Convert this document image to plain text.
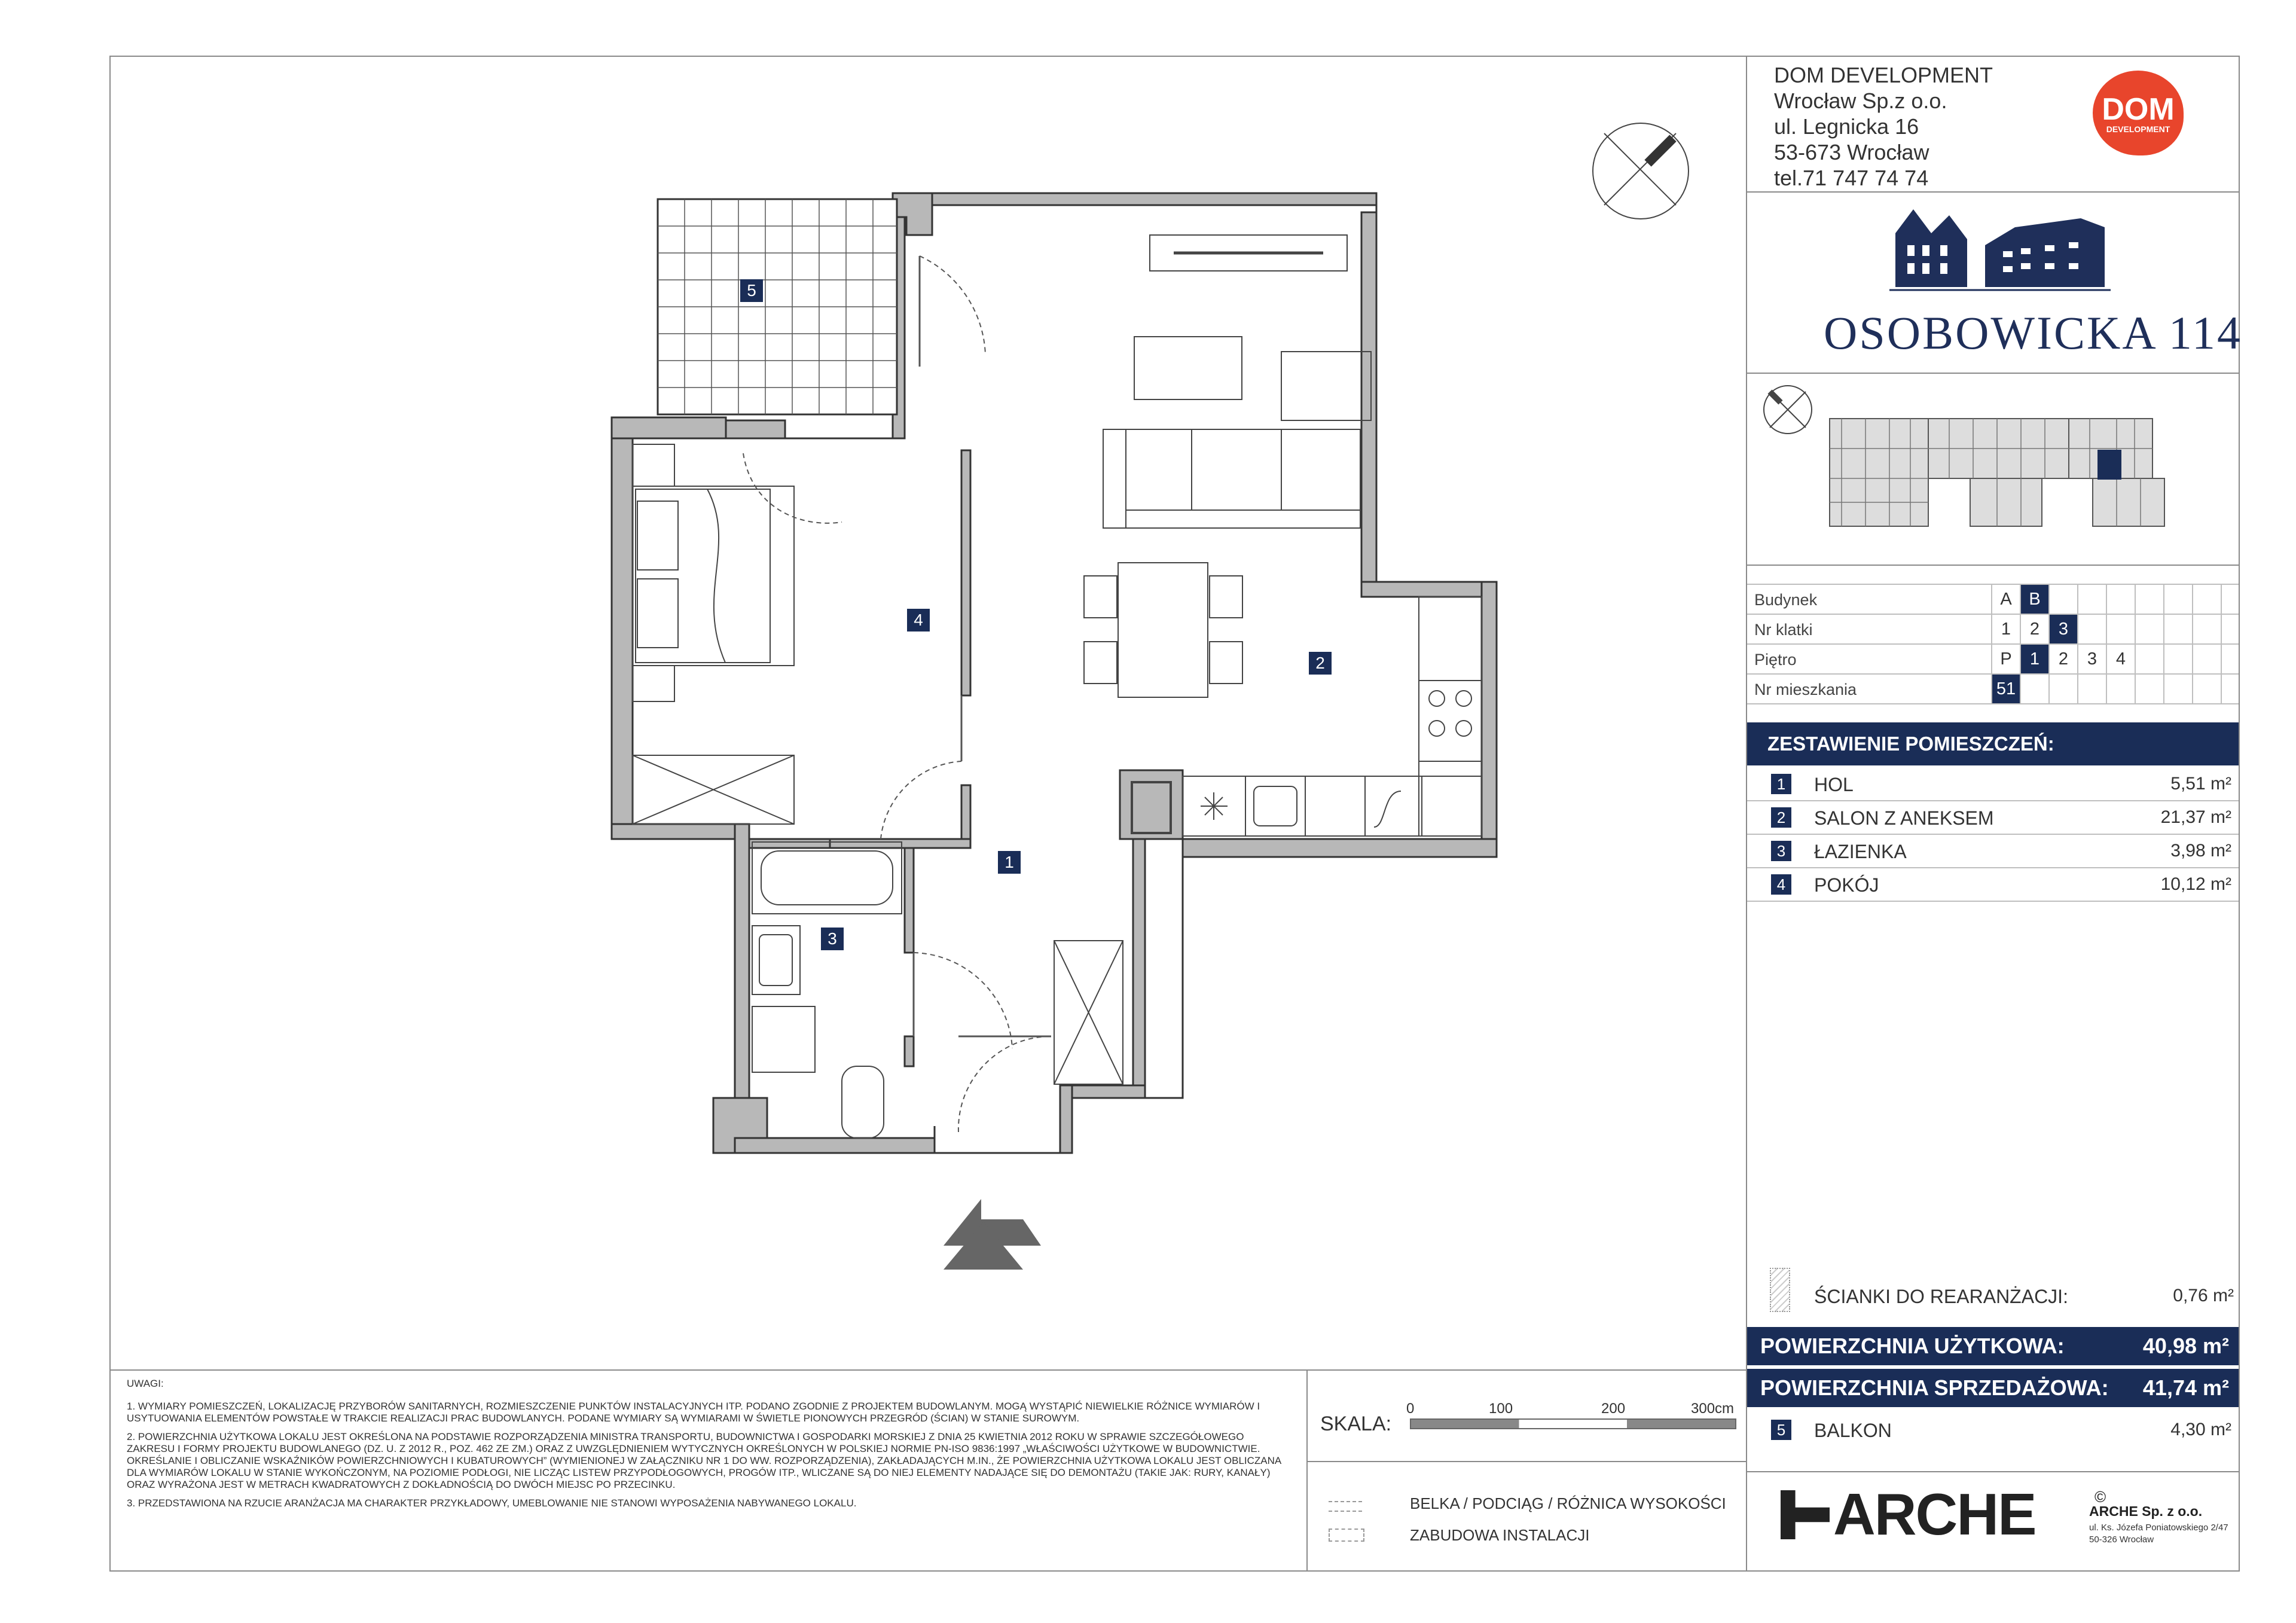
5
4
2
1
3
DOM DEVELOPMENT
Wrocław Sp.z o.o.
ul. Legnicka 16
53-673 Wrocław
tel.71 747 74 74
DOM
DEVELOPMENT
OSOBOWICKA 114
Budynek	A B
Nr klatki	1	2	3
Piętro	P	1	2	3	4
Nr mieszkania	51
ZESTAWIENIE POMIESZCZEŃ:
1	HOL	5,51 m²
2	SALON Z ANEKSEM	21,37 m²
3	ŁAZIENKA	3,98 m²
4	POKÓJ	10,12 m²
ŚCIANKI DO REARANŻACJI:	0,76 m²
POWIERZCHNIA UŻYTKOWA:	40,98 m²
POWIERZCHNIA SPRZEDAŻOWA: 41,74 m²
5	BALKON	4,30 m²

UWAGI:

1. WYMIARY POMIESZCZEŃ, LOKALIZACJĘ PRZYBORÓW SANITARNYCH, ROZMIESZCZENIE PUNKTÓW INSTALACYJNYCH ITP. PODANO ZGODNIE Z PROJEKTEM BUDOWLANYM. MOGĄ WYSTĄPIĆ NIEWIELKIE RÓŻNICE WYMIARÓW I USYTUOWANIA ELEMENTÓW POWSTAŁE W TRAKCIE REALIZACJI PRAC BUDOWLANYCH. PODANE WYMIARY SĄ WYMIARAMI W ŚWIETLE PIONOWYCH PRZEGRÓD (ŚCIAN) W STANIE SUROWYM.

2. POWIERZCHNIA UŻYTKOWA LOKALU JEST OKREŚLONA NA PODSTAWIE ROZPORZĄDZENIA MINISTRA TRANSPORTU, BUDOWNICTWA I GOSPODARKI MORSKIEJ Z DNIA 25 KWIETNIA 2012 ROKU W SPRAWIE SZCZEGÓŁOWEGO ZAKRESU I FORMY PROJEKTU BUDOWLANEGO (DZ. U. Z 2012 R., POZ. 462 ZE ZM.) ORAZ Z UWZGLĘDNIENIEM WYTYCZNYCH OKREŚLONYCH W POLSKIEJ NORMIE PN-ISO 9836:1997 „WŁAŚCIWOŚCI UŻYTKOWE W BUDOWNICTWIE. OKREŚLANIE I OBLICZANIE WSKAŹNIKÓW POWIERZCHNIOWYCH I KUBATUROWYCH” (WYMIENIONEJ W ZAŁĄCZNIKU NR 1 DO WW. ROZPORZĄDZENIA), ZAKŁADAJĄCYCH M.IN., ŻE POWIERZCHNIA UŻYTKOWA LOKALU JEST OBLICZANA DLA WYMIARÓW LOKALU W STANIE WYKOŃCZONYM, NA POZIOMIE PODŁOGI, NIE LICZĄC LISTEW PRZYPODŁOGOWYCH, PROGÓW ITP., WLICZANE SĄ DO NIEJ ELEMENTY NADAJĄCE SIĘ DO DEMONTAŻU (TAKIE JAK: RURY, KANAŁY) ORAZ WYRAŻONA JEST W METRACH KWADRATOWYCH Z DOKŁADNOŚCIĄ DO DWÓCH MIEJSC PO PRZECINKU.

3. PRZEDSTAWIONA NA RZUCIE ARANŻACJA MA CHARAKTER PRZYKŁADOWY, UMEBLOWANIE NIE STANOWI WYPOSAŻENIA NABYWANEGO LOKALU.

SKALA:
0	100	200	300cm
BELKA / PODCIĄG / RÓŻNICA WYSOKOŚCI
ZABUDOWA INSTALACJI	ARCHE	©
ARCHE Sp. z o.o.
ul. Ks. Józefa Poniatowskiego 2/47
50-326 Wrocław
